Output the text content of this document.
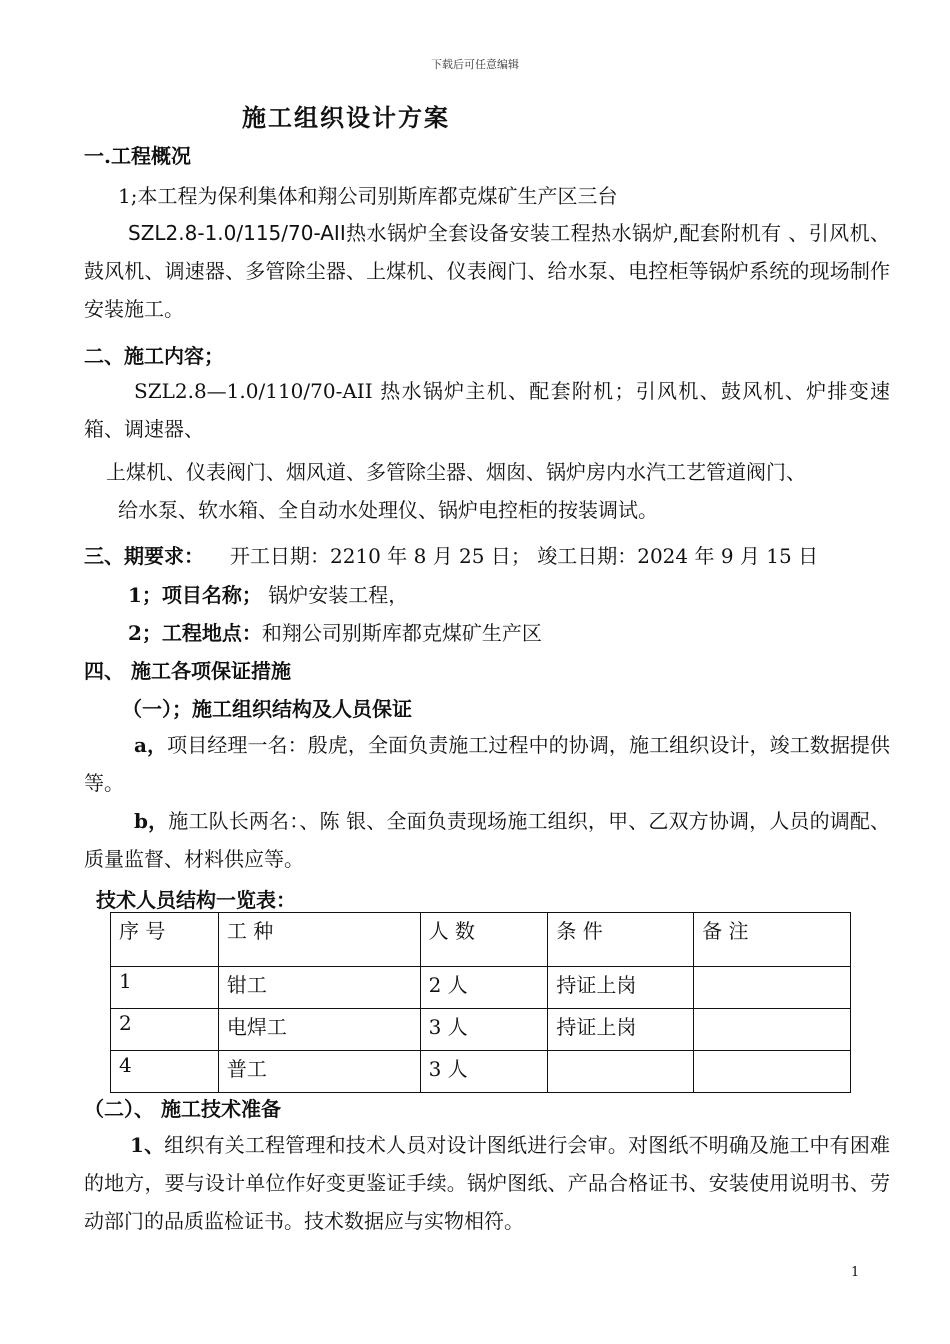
下载后可任意编辑
施工组织设计方案
一.工程概况
1;本工程为保利集体和翔公司别斯库都克煤矿生产区三台
SZL2.8-1.0/115/70-AII热水锅炉全套设备安装工程热水锅炉,配套附机有 、引风机、 鼓风机、调速器、多管除尘器、上煤机、仪表阀门、给水泵、电控柜等锅炉系统的现场制作安装施工。
二、施工内容；
SZL2.8—1.0/110/70-AII 热水锅炉主机、配套附机；引风机、鼓风机、炉排变速箱、调速器、
上煤机、仪表阀门、烟风道、多管除尘器、烟囱、锅炉房内水汽工艺管道阀门、
给水泵、软水箱、全自动水处理仪、锅炉电控柜的按装调试。
三、期要求： 开工日期：2210 年 8 月 25 日； 竣工日期：2024 年 9 月 15 日
1；项目名称； 锅炉安装工程，
2；工程地点：和翔公司别斯库都克煤矿生产区
四、 施工各项保证措施
（一）；施工组织结构及人员保证
a，项目经理一名：殷虎，全面负责施工过程中的协调，施工组织设计，竣工数据提供等。
b，施工队长两名：、陈 银、全面负责现场施工组织，甲、乙双方协调，人员的调配、质量监督、材料供应等。
技术人员结构一览表：
序 号	工 种	人 数	条 件	备 注
1	钳工	2 人	持证上岗	
2	电焊工	3 人	持证上岗	
4	普工	3 人		
（二）、 施工技术准备
1、组织有关工程管理和技术人员对设计图纸进行会审。对图纸不明确及施工中有困难的地方，要与设计单位作好变更鉴证手续。锅炉图纸、产品合格证书、安装使用说明书、劳动部门的品质监检证书。技术数据应与实物相符。
1
